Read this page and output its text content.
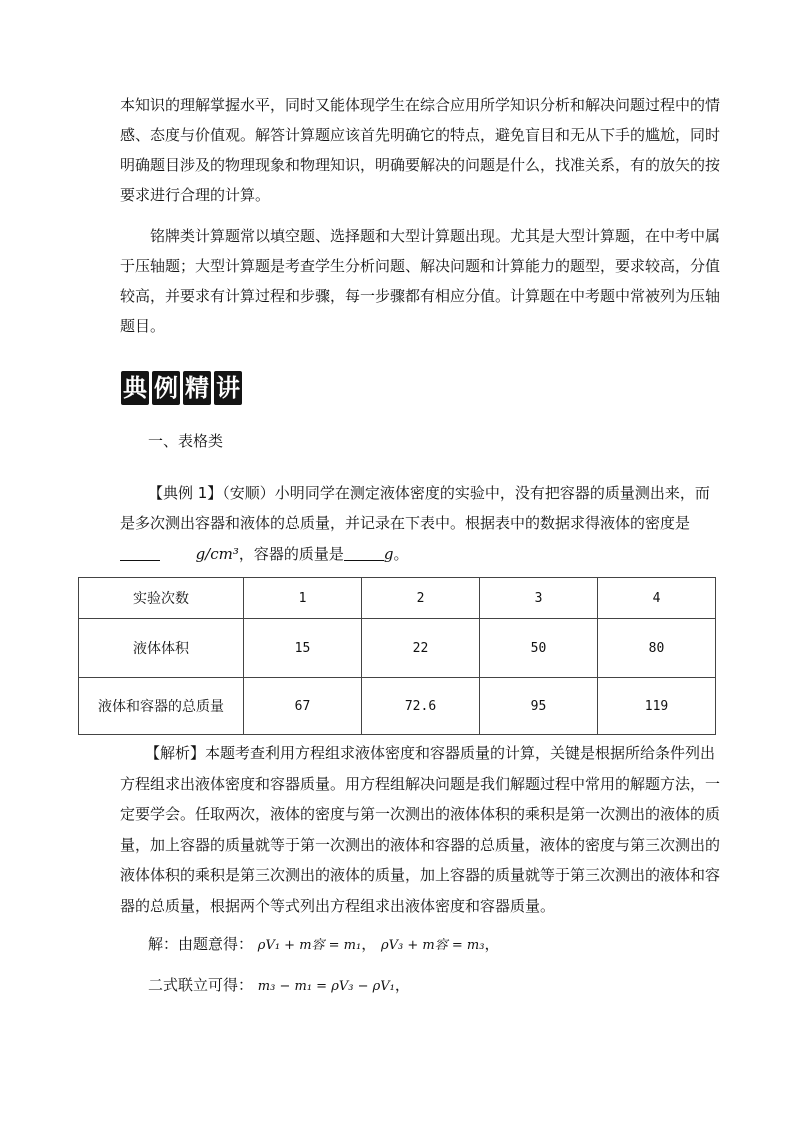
本知识的理解掌握水平，同时又能体现学生在综合应用所学知识分析和解决问题过程中的情
感、态度与价值观。解答计算题应该首先明确它的特点，避免盲目和无从下手的尴尬，同时
明确题目涉及的物理现象和物理知识，明确要解决的问题是什么，找准关系，有的放矢的按
要求进行合理的计算。
铭牌类计算题常以填空题、选择题和大型计算题出现。尤其是大型计算题，在中考中属
于压轴题；大型计算题是考查学生分析问题、解决问题和计算能力的题型，要求较高，分值
较高，并要求有计算过程和步骤，每一步骤都有相应分值。计算题在中考题中常被列为压轴
题目。
典 例 精 讲
一、表格类
【典例 1】（安顺）小明同学在测定液体密度的实验中，没有把容器的质量测出来，而
是多次测出容器和液体的总质量，并记录在下表中。根据表中的数据求得液体的密度是
g/cm³，容器的质量是	g。
实验次数	1	2	3	4
液体体积	15	22	50	80
液体和容器的总质量	67	72.6	95	119
【解析】本题考查利用方程组求液体密度和容器质量的计算，关键是根据所给条件列出
方程组求出液体密度和容器质量。用方程组解决问题是我们解题过程中常用的解题方法，一
定要学会。任取两次，液体的密度与第一次测出的液体体积的乘积是第一次测出的液体的质
量，加上容器的质量就等于第一次测出的液体和容器的总质量，液体的密度与第三次测出的
液体体积的乘积是第三次测出的液体的质量，加上容器的质量就等于第三次测出的液体和容
器的总质量，根据两个等式列出方程组求出液体密度和容器质量。
解：由题意得： ρV₁ + m容 = m₁， ρV₃ + m容 = m₃，
二式联立可得： m₃ − m₁ = ρV₃ − ρV₁，
